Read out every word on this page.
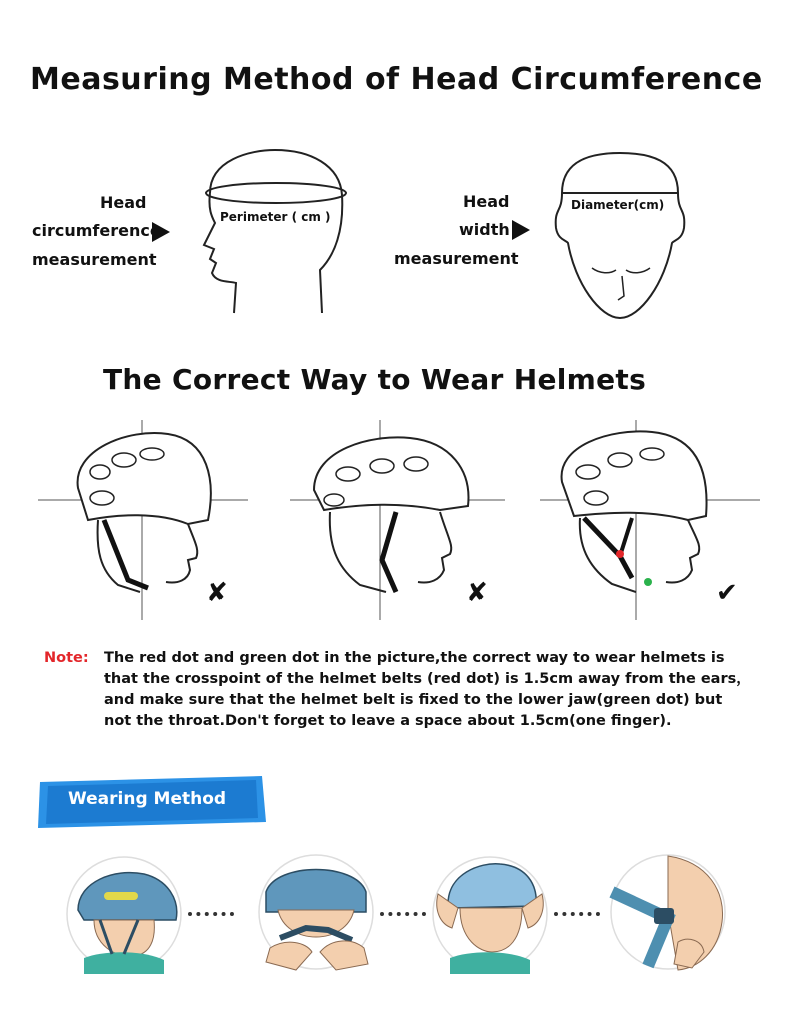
Measuring Method of Head Circumference
The Correct Way to Wear Helmets
Head
circumference
measurement
Perimeter ( cm )
Head
width
measurement
Diameter(cm)
✘	✘	✔
Note: The red dot and green dot in the picture,the correct way to wear helmets is that the crosspoint of the helmet belts (red dot) is 1.5cm away from the ears， and make sure that the helmet belt is fixed to the lower jaw(green dot) but not the throat.Don't forget to leave a space about 1.5cm(one finger).
Wearing Method
